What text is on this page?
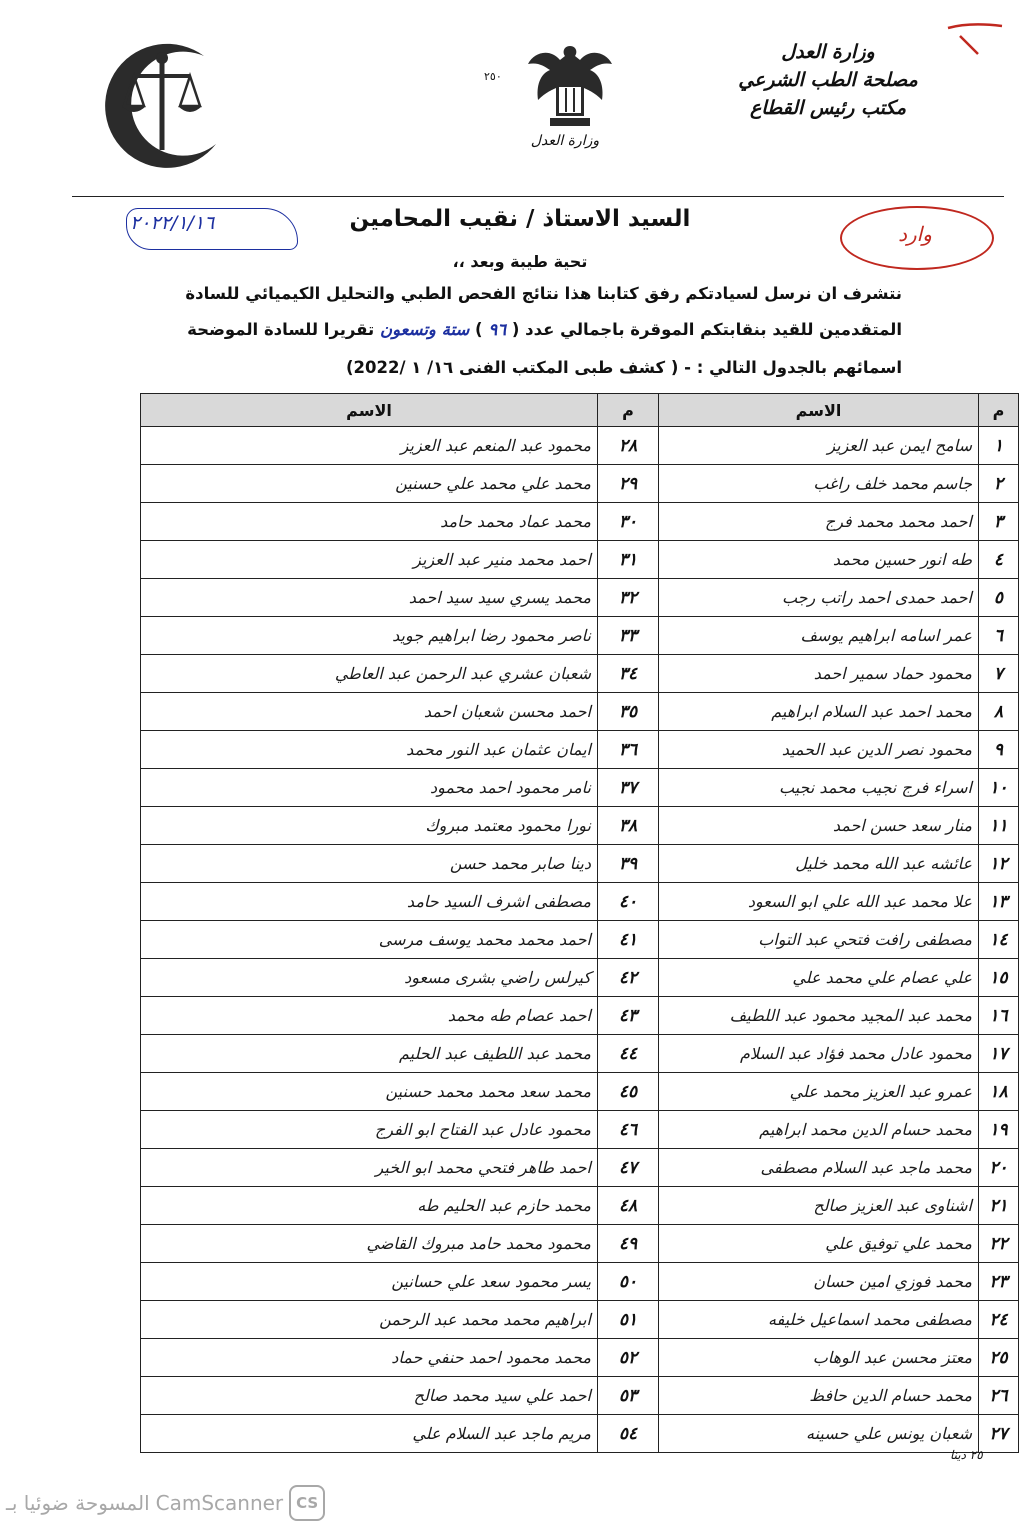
وزارة العدل
مصلحة الطب الشرعي
مكتب رئيس القطاع
٢٥٠
وزارة العدل
٢٠٢٢/١/١٦	وارد
السيد الاستاذ / نقيب المحامين
تحية طيبة وبعد ،،
نتشرف ان نرسل لسيادتكم رفق كتابنا هذا نتائج الفحص الطبي والتحليل الكيميائي للسادة
المتقدمين للقيد بنقابتكم الموقرة باجمالي عدد ( ٩٦ ) ستة وتسعون تقريرا للسادة الموضحة
اسمائهم بالجدول التالي : - ( كشف طبى المكتب الفنى ١٦/ ١ /2022)
م	الاسم	م	الاسم
١	سامح ايمن عبد العزيز	٢٨	محمود عبد المنعم عبد العزيز
٢	جاسم محمد خلف راغب	٢٩	محمد علي محمد علي حسنين
٣	احمد محمد محمد فرج	٣٠	محمد عماد محمد حامد
٤	طه انور حسين محمد	٣١	احمد محمد منير عبد العزيز
٥	احمد حمدى احمد راتب رجب	٣٢	محمد يسري سيد سيد احمد
٦	عمر اسامه ابراهيم يوسف	٣٣	ناصر محمود رضا ابراهيم جويد
٧	محمود حماد سمير احمد	٣٤	شعبان عشري عبد الرحمن عبد العاطي
٨	محمد احمد عبد السلام ابراهيم	٣٥	احمد محسن شعبان احمد
٩	محمود نصر الدين عبد الحميد	٣٦	ايمان عثمان عبد النور محمد
١٠	اسراء فرج نجيب محمد نجيب	٣٧	نامر محمود احمد محمود
١١	منار سعد حسن احمد	٣٨	نورا محمود معتمد مبروك
١٢	عائشه عبد الله محمد خليل	٣٩	دينا صابر محمد حسن
١٣	علا محمد عبد الله علي ابو السعود	٤٠	مصطفى اشرف السيد حامد
١٤	مصطفى رافت فتحي عبد التواب	٤١	احمد محمد محمد يوسف مرسى
١٥	علي عصام علي محمد علي	٤٢	كيرلس راضي بشرى مسعود
١٦	محمد عبد المجيد محمود عبد اللطيف	٤٣	احمد عصام طه محمد
١٧	محمود عادل محمد فؤاد عبد السلام	٤٤	محمد عبد اللطيف عبد الحليم
١٨	عمرو عبد العزيز محمد علي	٤٥	محمد سعد محمد محمد حسنين
١٩	محمد حسام الدين محمد ابراهيم	٤٦	محمود عادل عبد الفتاح ابو الفرج
٢٠	محمد ماجد عبد السلام مصطفى	٤٧	احمد طاهر فتحي محمد ابو الخير
٢١	اشناوى عبد العزيز صالح	٤٨	محمد حازم عبد الحليم طه
٢٢	محمد علي توفيق علي	٤٩	محمود محمد حامد مبروك القاضي
٢٣	محمد فوزي امين حسان	٥٠	يسر محمود سعد علي حسانين
٢٤	مصطفى محمد اسماعيل خليفه	٥١	ابراهيم محمد محمد عبد الرحمن
٢٥	معتز محسن عبد الوهاب	٥٢	محمد محمود احمد حنفي حماد
٢٦	محمد حسام الدين حافظ	٥٣	احمد علي سيد محمد صالح
٢٧	شعبان يونس علي حسينه	٥٤	مريم ماجد عبد السلام علي
٢٥ دينا
CS
CamScanner
المسوحة ضوئيا بـ
